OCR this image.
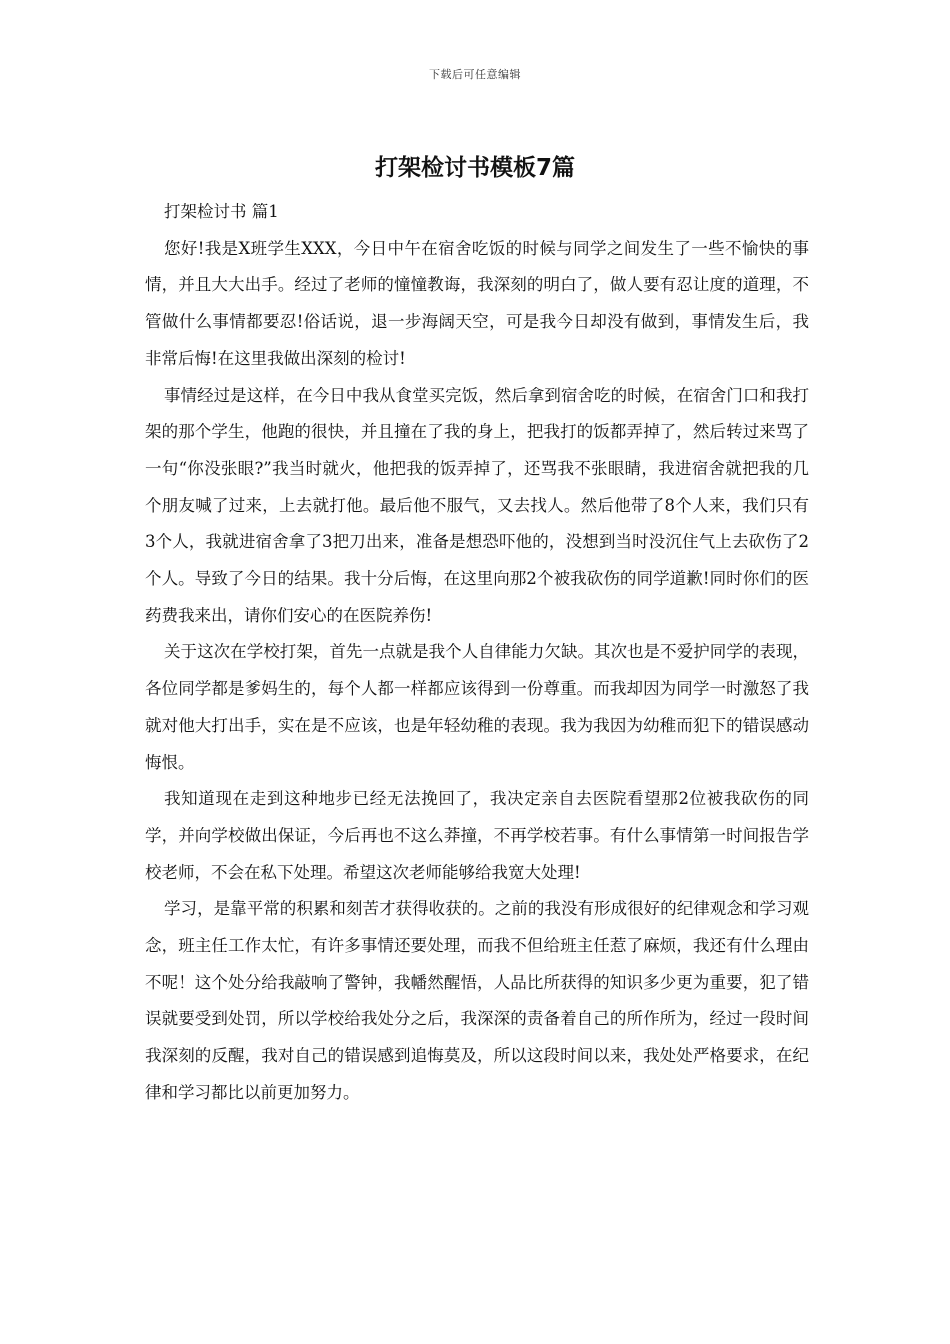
下载后可任意编辑
打架检讨书模板7篇

打架检讨书 篇1

您好!我是X班学生XXX，今日中午在宿舍吃饭的时候与同学之间发生了一些不愉快的事情，并且大大出手。经过了老师的憧憧教诲，我深刻的明白了，做人要有忍让度的道理，不管做什么事情都要忍!俗话说，退一步海阔天空，可是我今日却没有做到，事情发生后，我非常后悔!在这里我做出深刻的检讨!

事情经过是这样，在今日中我从食堂买完饭，然后拿到宿舍吃的时候，在宿舍门口和我打架的那个学生，他跑的很快，并且撞在了我的身上，把我打的饭都弄掉了，然后转过来骂了一句“你没张眼?”我当时就火，他把我的饭弄掉了，还骂我不张眼睛，我进宿舍就把我的几个朋友喊了过来，上去就打他。最后他不服气，又去找人。然后他带了8个人来，我们只有3个人，我就进宿舍拿了3把刀出来，准备是想恐吓他的，没想到当时没沉住气上去砍伤了2个人。导致了今日的结果。我十分后悔，在这里向那2个被我砍伤的同学道歉!同时你们的医药费我来出，请你们安心的在医院养伤!

关于这次在学校打架，首先一点就是我个人自律能力欠缺。其次也是不爱护同学的表现，各位同学都是爹妈生的，每个人都一样都应该得到一份尊重。而我却因为同学一时激怒了我就对他大打出手，实在是不应该，也是年轻幼稚的表现。我为我因为幼稚而犯下的错误感动悔恨。

我知道现在走到这种地步已经无法挽回了，我决定亲自去医院看望那2位被我砍伤的同学，并向学校做出保证，今后再也不这么莽撞，不再学校若事。有什么事情第一时间报告学校老师，不会在私下处理。希望这次老师能够给我宽大处理!

学习，是靠平常的积累和刻苦才获得收获的。之前的我没有形成很好的纪律观念和学习观念，班主任工作太忙，有许多事情还要处理，而我不但给班主任惹了麻烦，我还有什么理由不呢！这个处分给我敲响了警钟，我幡然醒悟，人品比所获得的知识多少更为重要，犯了错误就要受到处罚，所以学校给我处分之后，我深深的责备着自己的所作所为，经过一段时间我深刻的反醒，我对自己的错误感到追悔莫及，所以这段时间以来，我处处严格要求，在纪律和学习都比以前更加努力。
